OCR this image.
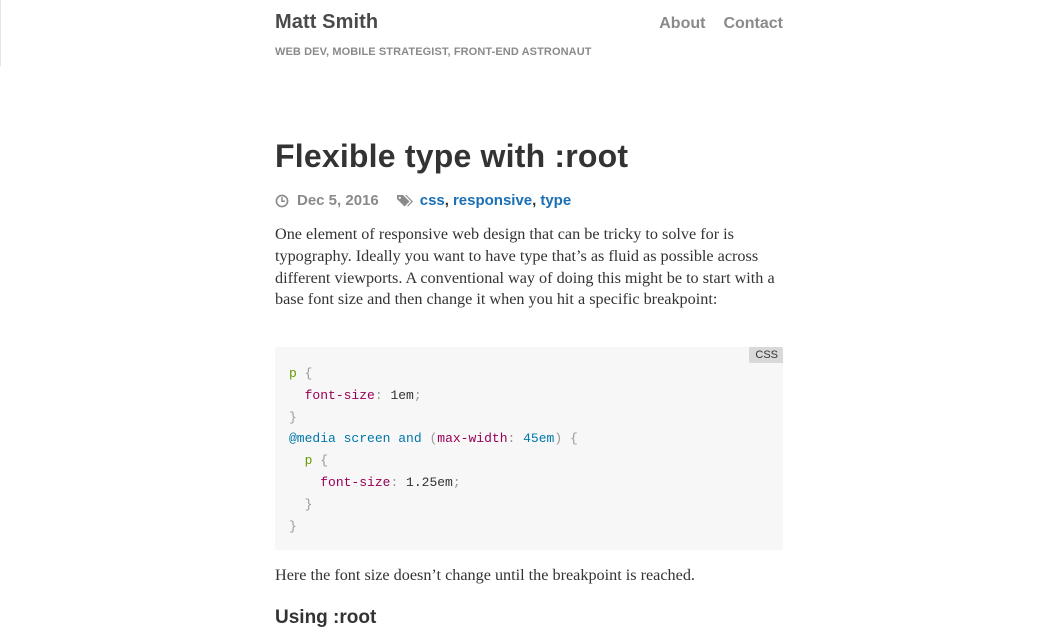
Matt Smith
WEB DEV, MOBILE STRATEGIST, FRONT-END ASTRONAUT
About Contact
Flexible type with :root
Dec 5, 2016	css , responsive , type

One element of responsive web design that can be tricky to solve for is typography. Ideally you want to have type that’s as fluid as possible across different viewports. A conventional way of doing this might be to start with a base font size and then change it when you hit a specific breakpoint:

CSS
p {
font-size: 1em;
}
@media screen and (max-width: 45em) {
p {
font-size: 1.25em;
}
}

Here the font size doesn’t change until the breakpoint is reached.

Using :root
